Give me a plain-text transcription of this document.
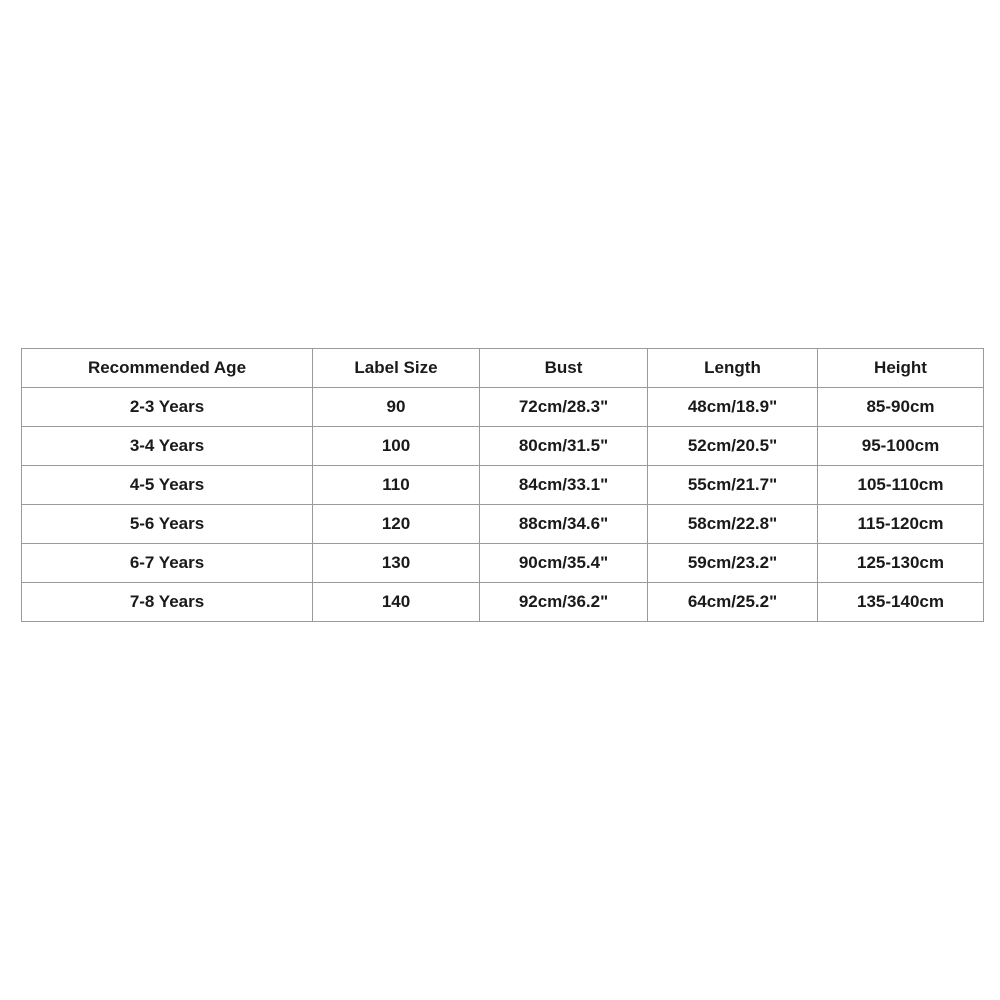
Recommended Age	Label Size	Bust	Length	Height
2-3 Years	90	72cm/28.3"	48cm/18.9"	85-90cm
3-4 Years	100	80cm/31.5"	52cm/20.5"	95-100cm
4-5 Years	110	84cm/33.1"	55cm/21.7"	105-110cm
5-6 Years	120	88cm/34.6"	58cm/22.8"	115-120cm
6-7 Years	130	90cm/35.4"	59cm/23.2"	125-130cm
7-8 Years	140	92cm/36.2"	64cm/25.2"	135-140cm
